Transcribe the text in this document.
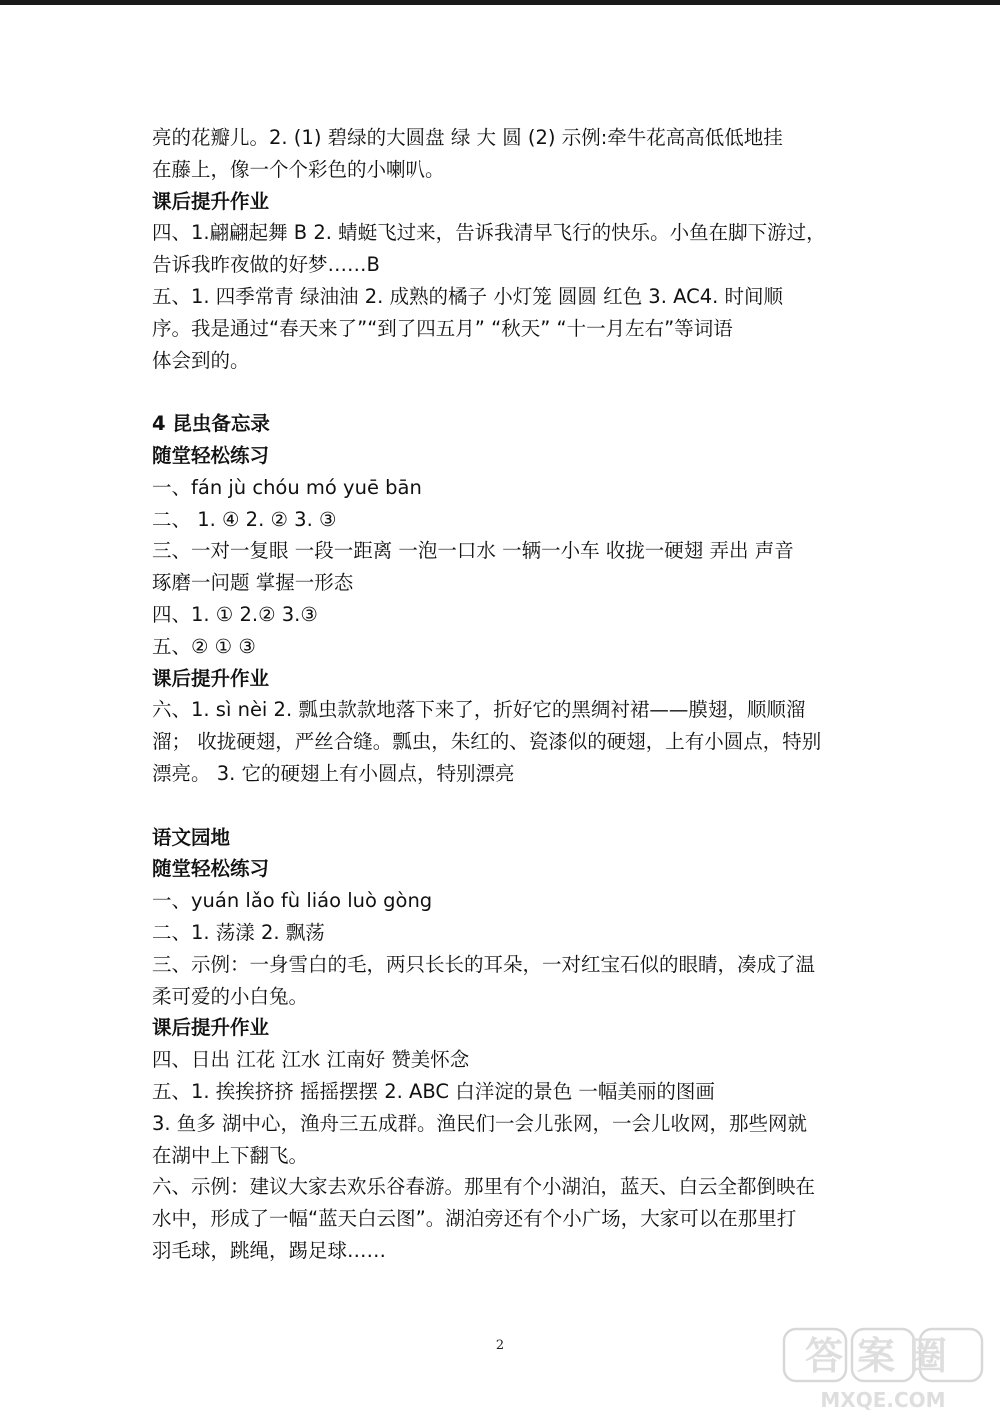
亮的花瓣儿。2. (1) 碧绿的大圆盘 绿 大 圆 (2) 示例:牵牛花高高低低地挂
在藤上，像一个个彩色的小喇叭。
课后提升作业
四、1.翩翩起舞 B 2. 蜻蜓飞过来，告诉我清早飞行的快乐。小鱼在脚下游过，
告诉我昨夜做的好梦……B
五、1. 四季常青 绿油油 2. 成熟的橘子 小灯笼 圆圆 红色 3. AC4. 时间顺
序。我是通过“春天来了”“到了四五月” “秋天” “十一月左右”等词语
体会到的。
4 昆虫备忘录
随堂轻松练习
一、fán jù chóu mó yuē bān
二、 1. ④ 2. ② 3. ③
三、一对一复眼 一段一距离 一泡一口水 一辆一小车 收拢一硬翅 弄出 声音
琢磨一问题 掌握一形态
四、1. ① 2.② 3.③
五、② ① ③
课后提升作业
六、1. sì nèi 2. 瓢虫款款地落下来了，折好它的黑绸衬裙——膜翅，顺顺溜
溜； 收拢硬翅，严丝合缝。瓢虫，朱红的、瓷漆似的硬翅，上有小圆点，特别
漂亮。 3. 它的硬翅上有小圆点，特别漂亮
语文园地
随堂轻松练习
一、yuán lǎo fù liáo luò gòng
二、1. 荡漾 2. 飘荡
三、示例：一身雪白的毛，两只长长的耳朵，一对红宝石似的眼睛，凑成了温
柔可爱的小白兔。
课后提升作业
四、日出 江花 江水 江南好 赞美怀念
五、1. 挨挨挤挤 摇摇摆摆 2. ABC 白洋淀的景色 一幅美丽的图画
3. 鱼多 湖中心，渔舟三五成群。渔民们一会儿张网，一会儿收网，那些网就
在湖中上下翻飞。
六、示例：建议大家去欢乐谷春游。那里有个小湖泊，蓝天、白云全都倒映在
水中，形成了一幅“蓝天白云图”。湖泊旁还有个小广场，大家可以在那里打
羽毛球，跳绳，踢足球……
2	答案圈
MXQE.COM
